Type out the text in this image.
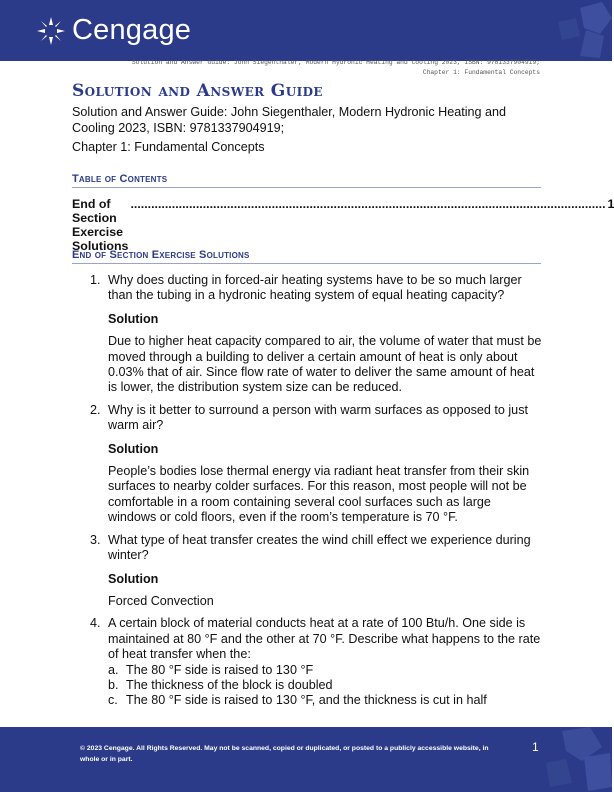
Cengage
Solution and Answer Guide: John Siegenthaler, Modern Hydronic Heating and Cooling 2023, ISBN: 9781337904919;
Chapter 1: Fundamental Concepts
Solution and Answer Guide
Solution and Answer Guide: John Siegenthaler, Modern Hydronic Heating and Cooling 2023, ISBN: 9781337904919;
Chapter 1: Fundamental Concepts
Table of Contents
End of Section Exercise Solutions
.......................................................................................................................................... 1
End of Section Exercise Solutions
1. Why does ducting in forced-air heating systems have to be so much larger than the tubing in a hydronic heating system of equal heating capacity?
Solution
Due to higher heat capacity compared to air, the volume of water that must be moved through a building to deliver a certain amount of heat is only about 0.03% that of air. Since flow rate of water to deliver the same amount of heat is lower, the distribution system size can be reduced.
2. Why is it better to surround a person with warm surfaces as opposed to just warm air?
Solution
People’s bodies lose thermal energy via radiant heat transfer from their skin surfaces to nearby colder surfaces. For this reason, most people will not be comfortable in a room containing several cool surfaces such as large windows or cold floors, even if the room’s temperature is 70 °F.
3. What type of heat transfer creates the wind chill effect we experience during winter?
Solution
Forced Convection
4. A certain block of material conducts heat at a rate of 100 Btu/h. One side is maintained at 80 °F and the other at 70 °F. Describe what happens to the rate of heat transfer when the:
a. The 80 °F side is raised to 130 °F
b. The thickness of the block is doubled
c. The 80 °F side is raised to 130 °F, and the thickness is cut in half
© 2023 Cengage. All Rights Reserved. May not be scanned, copied or duplicated, or posted to a publicly accessible website, in whole or in part.
1
